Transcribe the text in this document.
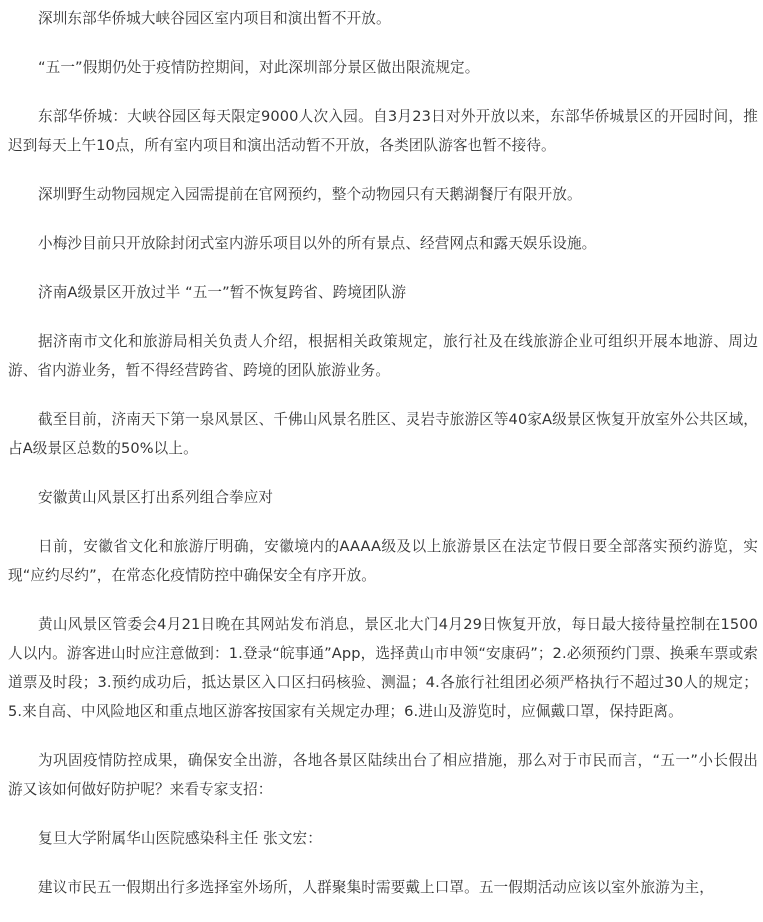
深圳东部华侨城大峡谷园区室内项目和演出暂不开放。

“五一”假期仍处于疫情防控期间，对此深圳部分景区做出限流规定。

东部华侨城：大峡谷园区每天限定9000人次入园。自3月23日对外开放以来，东部华侨城景区的开园时间，推迟到每天上午10点，所有室内项目和演出活动暂不开放，各类团队游客也暂不接待。

深圳野生动物园规定入园需提前在官网预约，整个动物园只有天鹅湖餐厅有限开放。

小梅沙目前只开放除封闭式室内游乐项目以外的所有景点、经营网点和露天娱乐设施。

济南A级景区开放过半 “五一”暂不恢复跨省、跨境团队游

据济南市文化和旅游局相关负责人介绍，根据相关政策规定，旅行社及在线旅游企业可组织开展本地游、周边游、省内游业务，暂不得经营跨省、跨境的团队旅游业务。

截至目前，济南天下第一泉风景区、千佛山风景名胜区、灵岩寺旅游区等40家A级景区恢复开放室外公共区域，占A级景区总数的50%以上。

安徽黄山风景区打出系列组合拳应对

日前，安徽省文化和旅游厅明确，安徽境内的AAAA级及以上旅游景区在法定节假日要全部落实预约游览，实现“应约尽约”，在常态化疫情防控中确保安全有序开放。

黄山风景区管委会4月21日晚在其网站发布消息，景区北大门4月29日恢复开放，每日最大接待量控制在1500人以内。游客进山时应注意做到：1.登录“皖事通”App，选择黄山市申领“安康码”；2.必须预约门票、换乘车票或索道票及时段；3.预约成功后，抵达景区入口区扫码核验、测温；4.各旅行社组团必须严格执行不超过30人的规定；5.来自高、中风险地区和重点地区游客按国家有关规定办理；6.进山及游览时，应佩戴口罩，保持距离。

为巩固疫情防控成果，确保安全出游，各地各景区陆续出台了相应措施，那么对于市民而言，“五一”小长假出游又该如何做好防护呢？来看专家支招：

复旦大学附属华山医院感染科主任 张文宏：

建议市民五一假期出行多选择室外场所，人群聚集时需要戴上口罩。五一假期活动应该以室外旅游为主，
